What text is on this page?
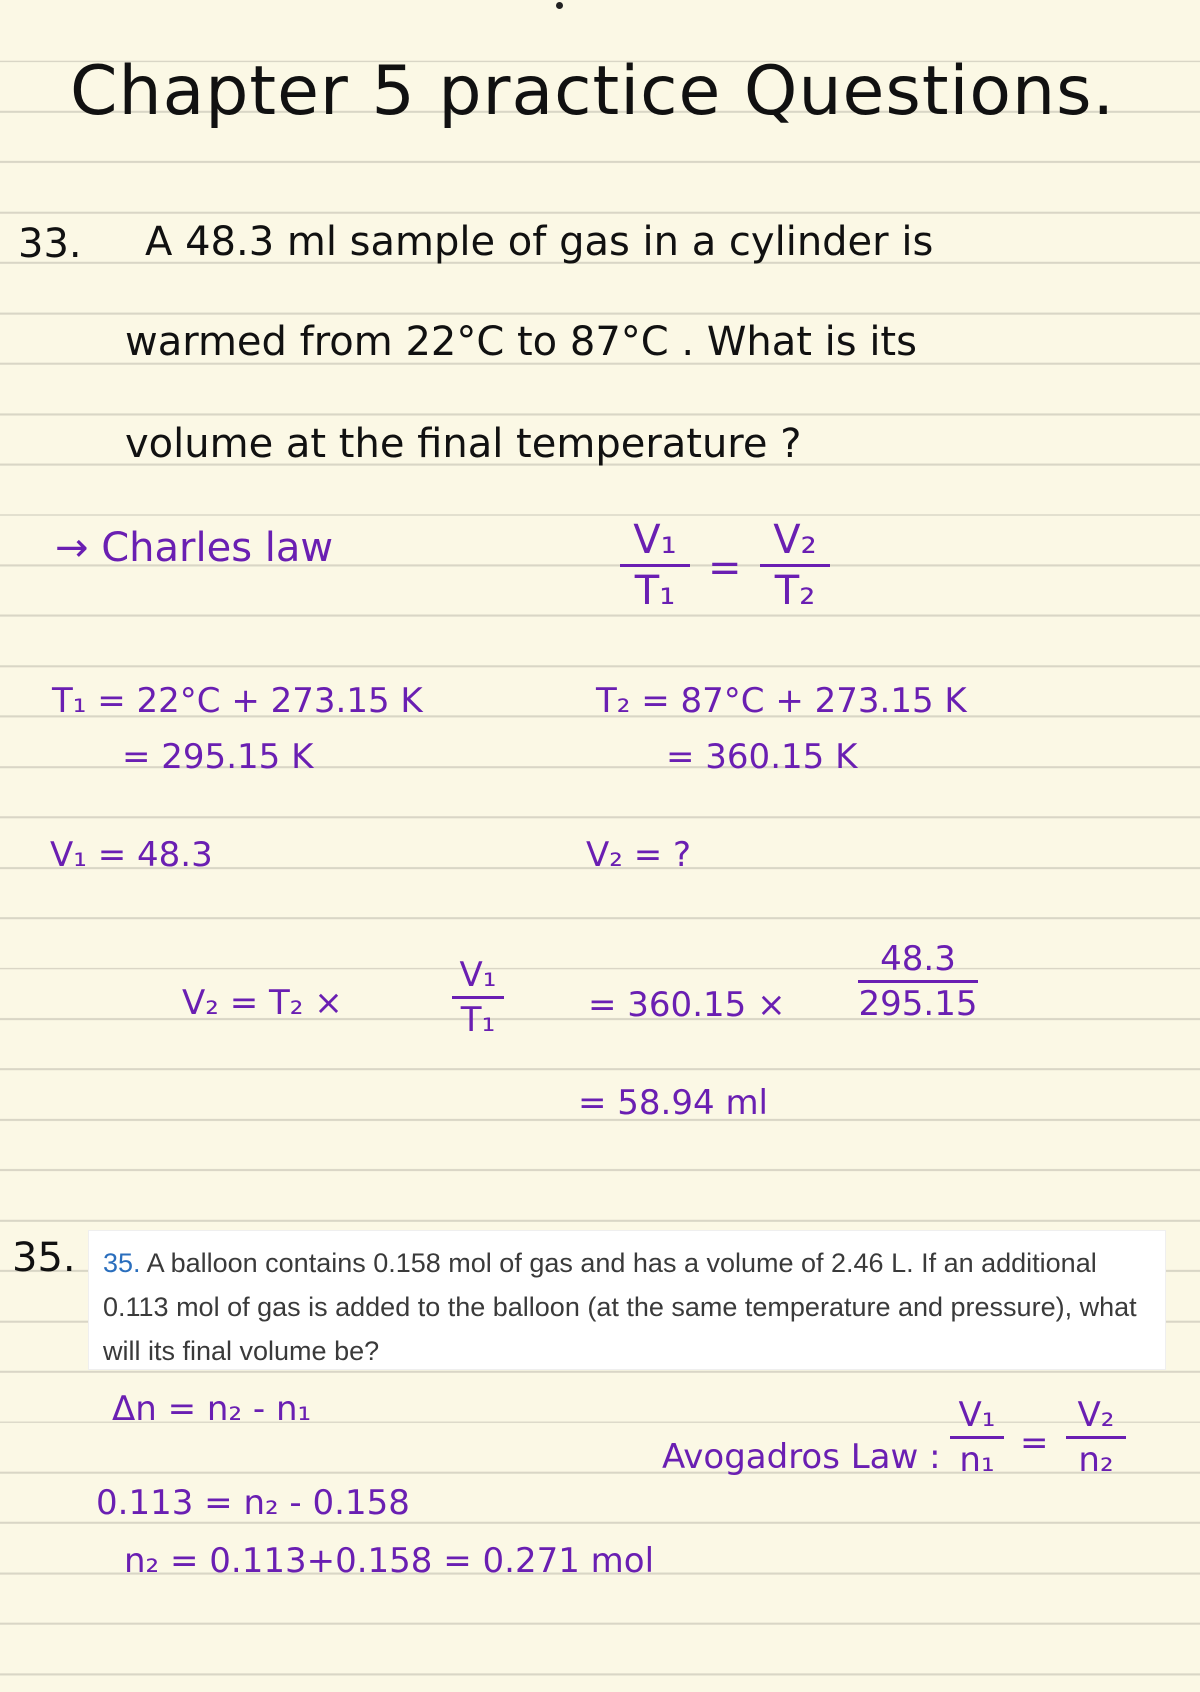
Chapter 5 practice Questions.
33. A 48.3 ml sample of gas in a cylinder is
warmed from 22°C to 87°C . What is its
volume at the final temperature ?
→ Charles law	V₁
T₁ =
V₂
T₂
T₁ = 22°C + 273.15 K
= 295.15 K
T₂ = 87°C + 273.15 K
= 360.15 K
V₁ = 48.3	V₂ = ?
V₂ = T₂ ×
V₁
T₁	= 360.15 ×
48.3
295.15
= 58.94 ml
35.	35. A balloon contains 0.158 mol of gas and has a volume of 2.46 L. If an additional 0.113 mol of gas is added to the balloon (at the same temperature and pressure), what will its final volume be?
Δn = n₂ - n₁
0.113 = n₂ - 0.158
n₂ = 0.113+0.158 = 0.271 mol
Avogadros Law :
V₁
n₁ =
V₂
n₂
